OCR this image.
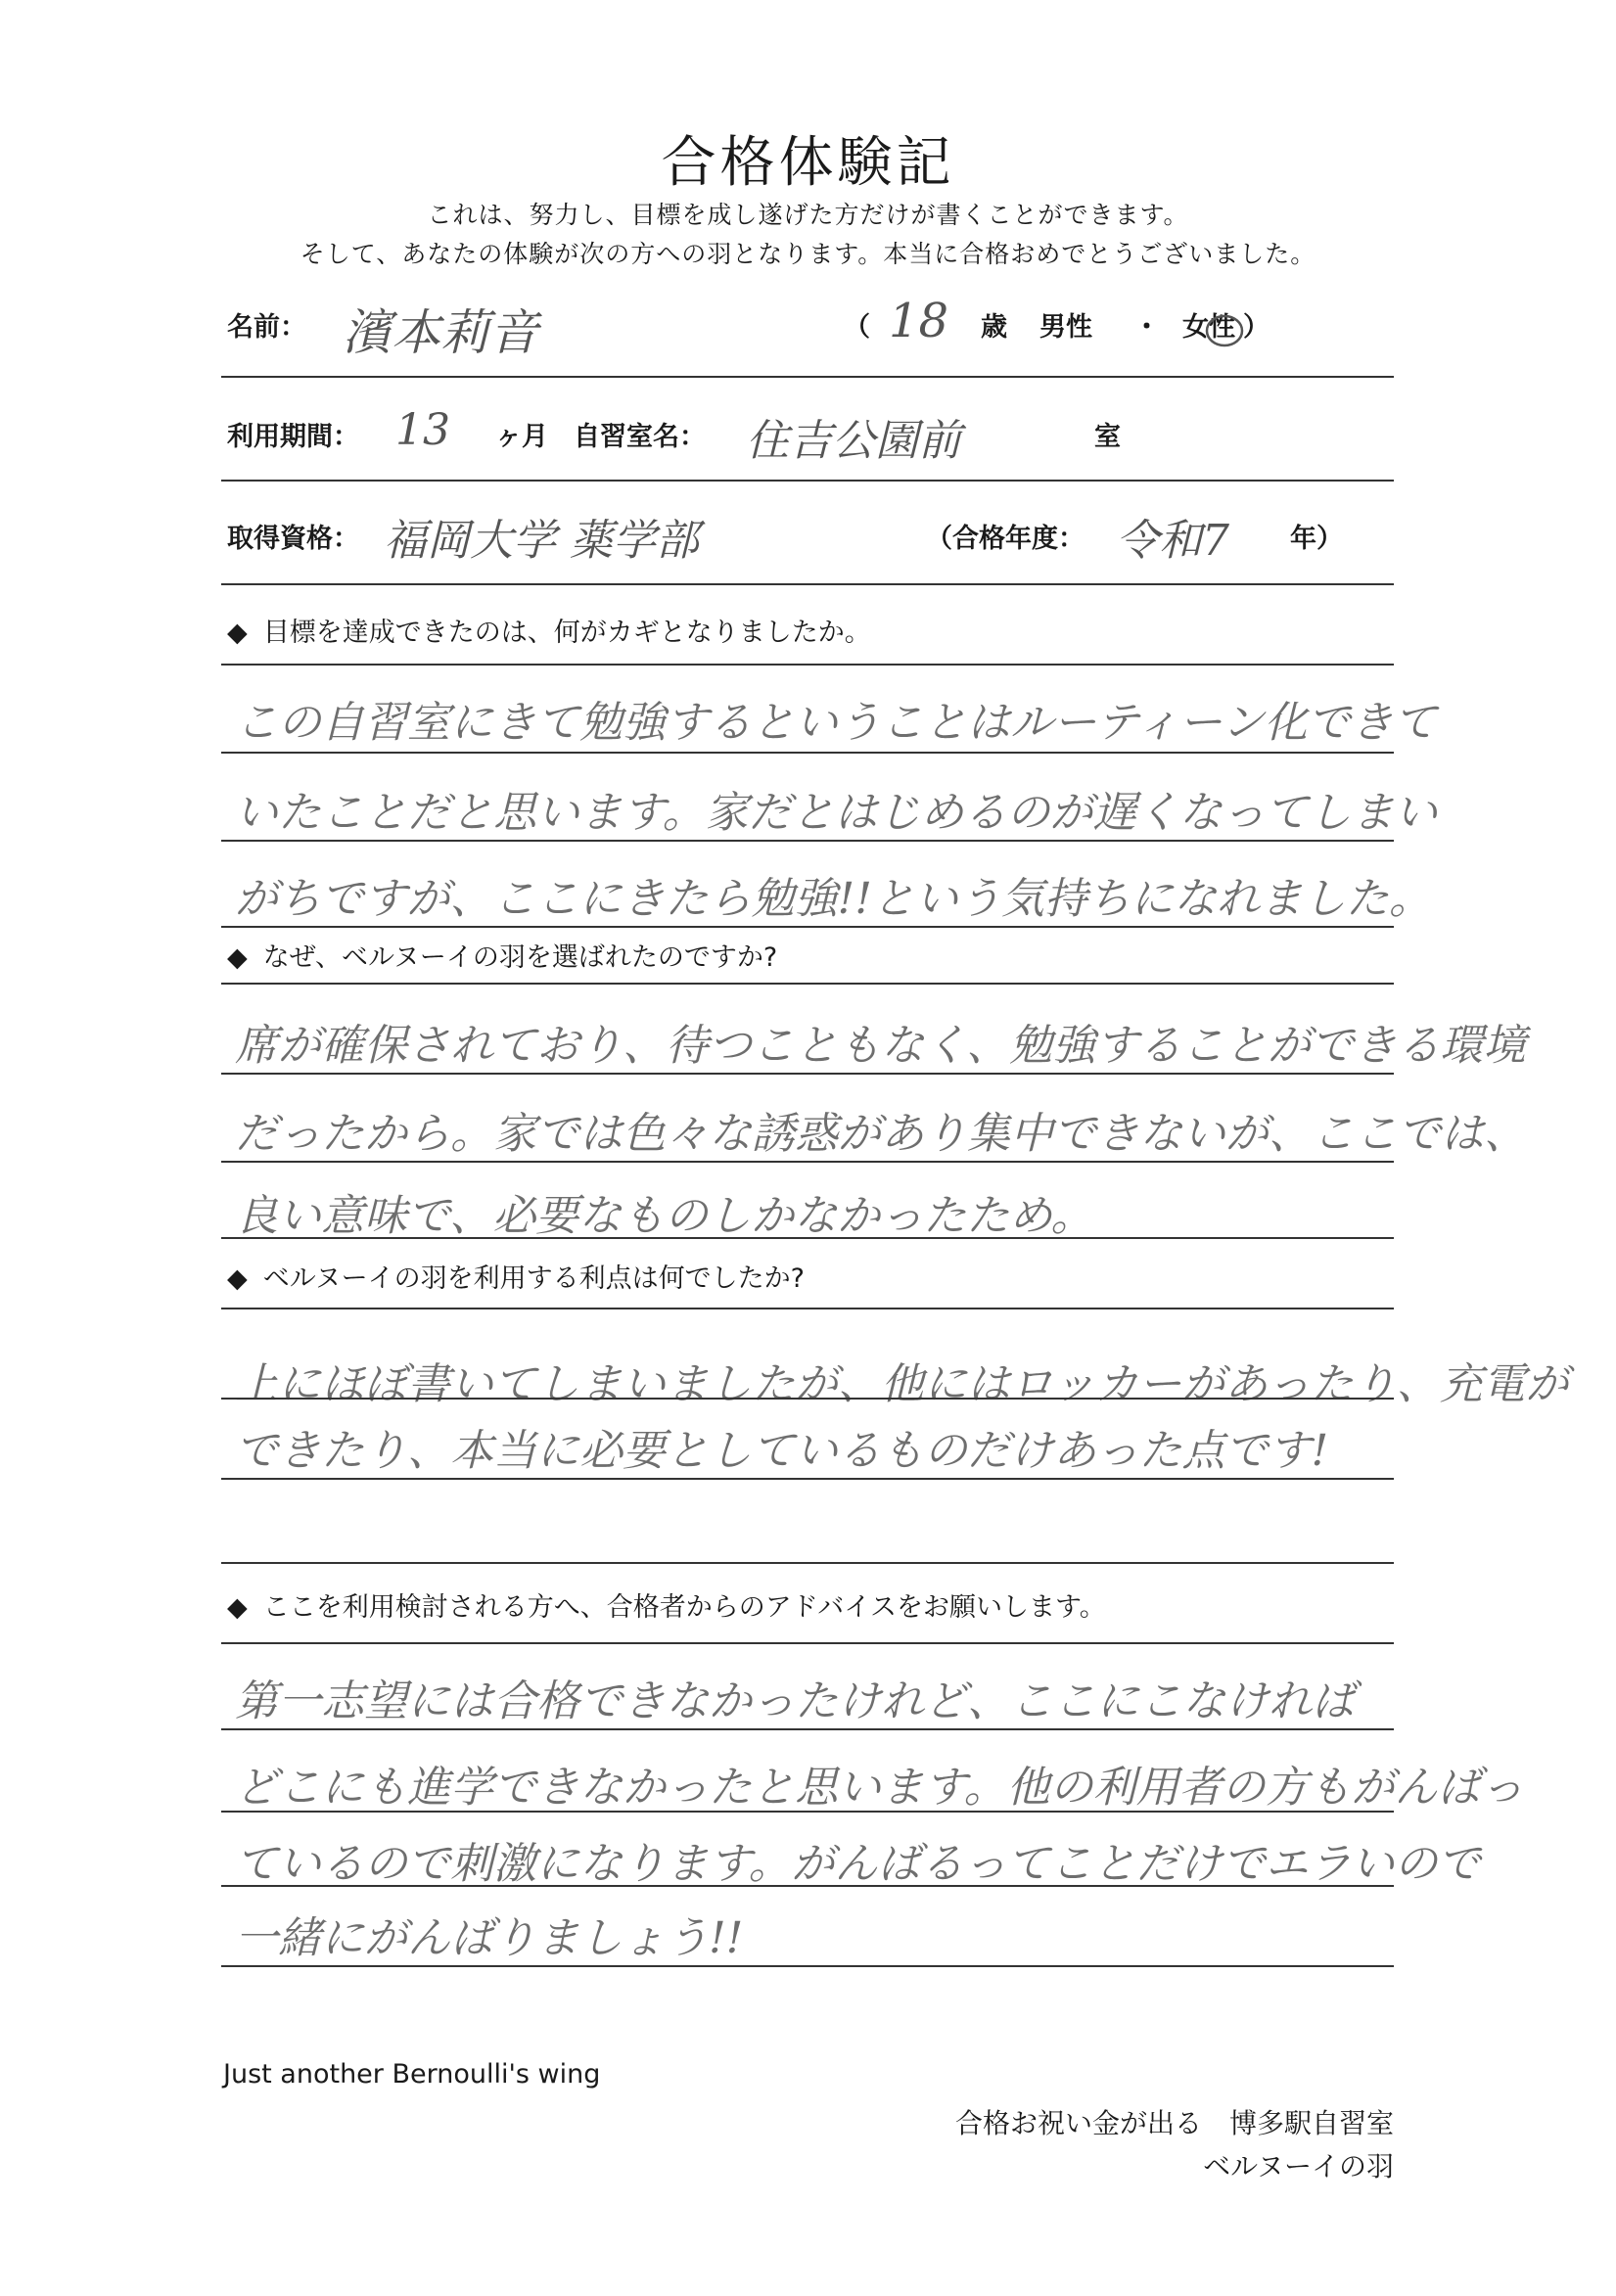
合格体験記
これは、努力し、目標を成し遂げた方だけが書くことができます。
そして、あなたの体験が次の方への羽となります。本当に合格おめでとうございました。
名前： 濱本莉音	（ 18 歳 男性 ・ 女性 ）
利用期間： 13 ヶ月 自習室名： 住吉公園前	室
取得資格： 福岡大学 薬学部	（合格年度： 令和7 年）
◆ 目標を達成できたのは、何がカギとなりましたか。
この自習室にきて勉強するということはルーティーン化できて
いたことだと思います。家だとはじめるのが遅くなってしまい
がちですが、ここにきたら勉強!!という気持ちになれました。
◆ なぜ、ベルヌーイの羽を選ばれたのですか?
席が確保されており、待つこともなく、勉強することができる環境
だったから。家では色々な誘惑があり集中できないが、ここでは、
良い意味で、必要なものしかなかったため。
◆ ベルヌーイの羽を利用する利点は何でしたか?
上にほぼ書いてしまいましたが、他にはロッカーがあったり、充電が
できたり、本当に必要としているものだけあった点です!
◆ ここを利用検討される方へ、合格者からのアドバイスをお願いします。
第一志望には合格できなかったけれど、ここにこなければ
どこにも進学できなかったと思います。他の利用者の方もがんばっ
ているので刺激になります。がんばるってことだけでエラいので
一緒にがんばりましょう!!
Just another Bernoulli's wing
合格お祝い金が出る　博多駅自習室
ベルヌーイの羽
